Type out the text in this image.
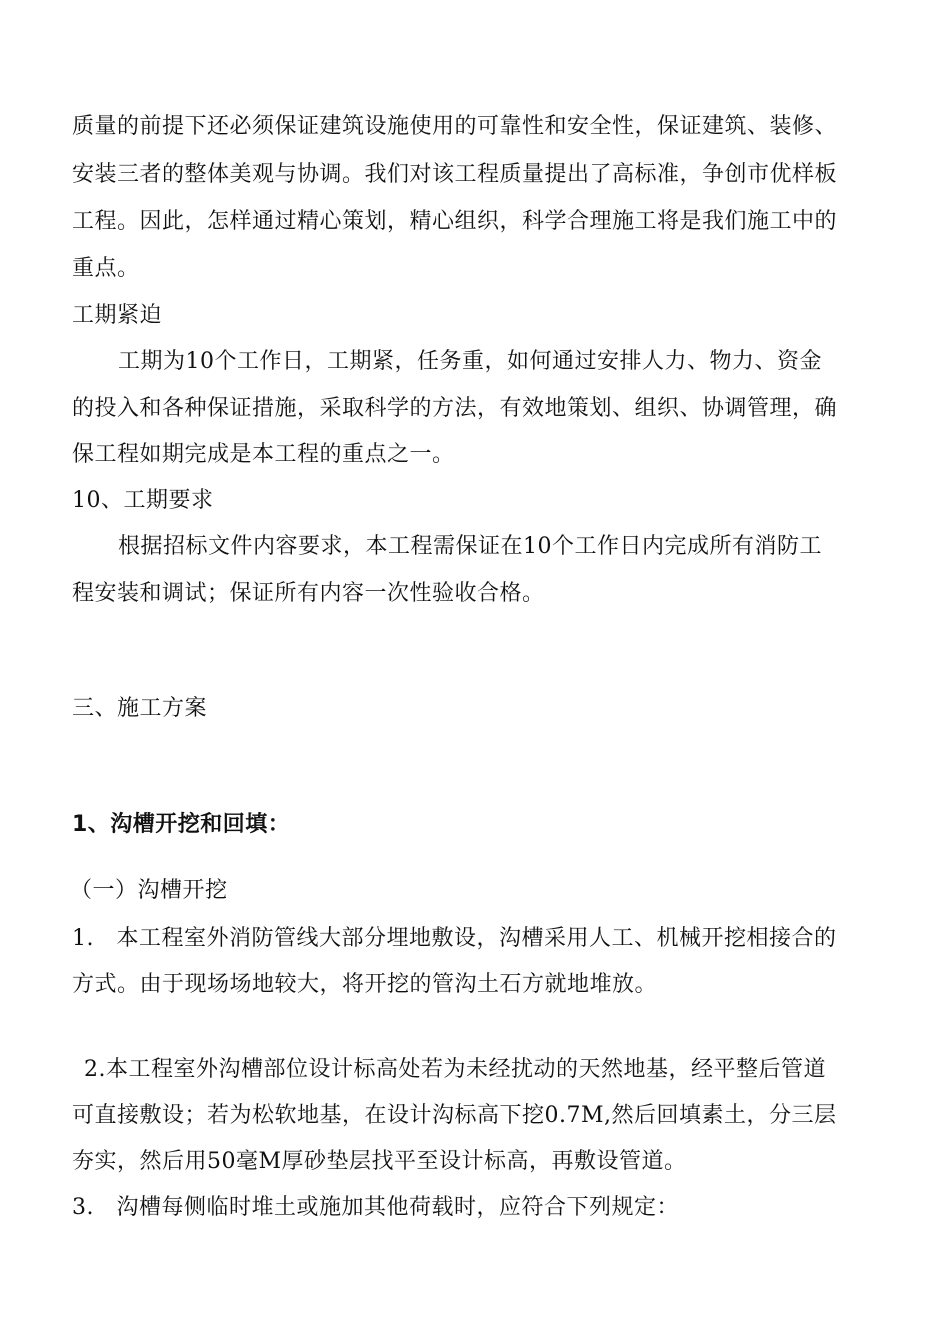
质量的前提下还必须保证建筑设施使用的可靠性和安全性，保证建筑、装修、
安装三者的整体美观与协调。我们对该工程质量提出了高标准，争创市优样板
工程。因此，怎样通过精心策划，精心组织，科学合理施工将是我们施工中的
重点。
工期紧迫
工期为10个工作日，工期紧，任务重，如何通过安排人力、物力、资金
的投入和各种保证措施，采取科学的方法，有效地策划、组织、协调管理，确
保工程如期完成是本工程的重点之一。
10、工期要求
根据招标文件内容要求，本工程需保证在10个工作日内完成所有消防工
程安装和调试；保证所有内容一次性验收合格。
三、施工方案
1、沟槽开挖和回填：
（一）沟槽开挖
1.　本工程室外消防管线大部分埋地敷设，沟槽采用人工、机械开挖相接合的
方式。由于现场场地较大，将开挖的管沟土石方就地堆放。
2.本工程室外沟槽部位设计标高处若为未经扰动的天然地基，经平整后管道
可直接敷设；若为松软地基，在设计沟标高下挖0.7M,然后回填素土，分三层
夯实，然后用50毫M厚砂垫层找平至设计标高，再敷设管道。
3.　沟槽每侧临时堆土或施加其他荷载时，应符合下列规定：
